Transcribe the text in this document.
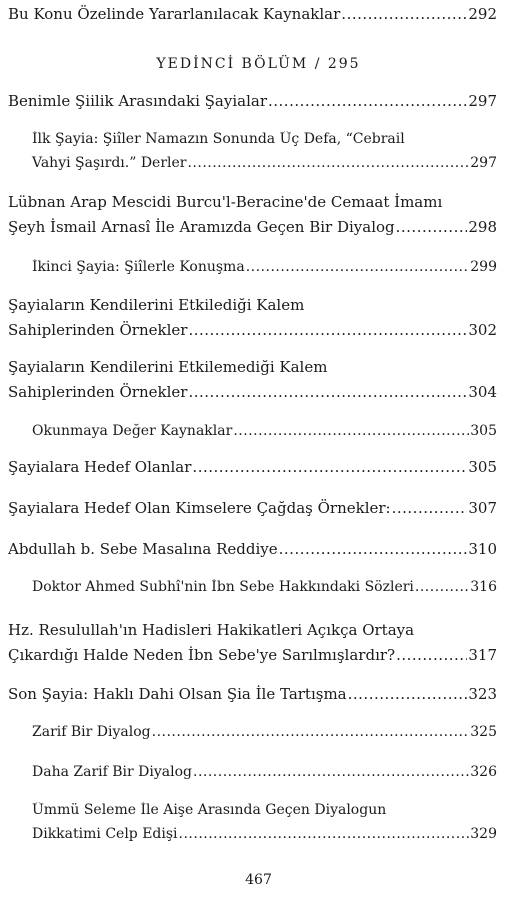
Bu Konu Özelinde Yararlanılacak Kaynaklar .....	292
YEDİNCİ BÖLÜM / 295
Benimle Şiilik Arasındaki Şayialar .....	297
İlk Şayia: Şiîler Namazın Sonunda Üç Defa, “Cebrail
Vahyi Şaşırdı.” Derler .....	297
Lübnan Arap Mescidi Burcu'l-Beracine'de Cemaat İmamı
Şeyh İsmail Arnasî İle Aramızda Geçen Bir Diyalog .....	298
İkinci Şayia: Şiîlerle Konuşma .....	299
Şayiaların Kendilerini Etkilediği Kalem
Sahiplerinden Örnekler .....	302
Şayiaların Kendilerini Etkilemediği Kalem
Sahiplerinden Örnekler .....	304
Okunmaya Değer Kaynaklar .....	305
Şayialara Hedef Olanlar .....	305
Şayialara Hedef Olan Kimselere Çağdaş Örnekler: .....	307
Abdullah b. Sebe Masalına Reddiye .....	310
Doktor Ahmed Subhî'nin İbn Sebe Hakkındaki Sözleri .....	316
Hz. Resulullah'ın Hadisleri Hakikatleri Açıkça Ortaya
Çıkardığı Halde Neden İbn Sebe'ye Sarılmışlardır? .....	317
Son Şayia: Haklı Dahi Olsan Şia İle Tartışma .....	323
Zarif Bir Diyalog .....	325
Daha Zarif Bir Diyalog .....	326
Ümmü Seleme İle Aişe Arasında Geçen Diyalogun
Dikkatimi Celp Edişi .....	329
467
